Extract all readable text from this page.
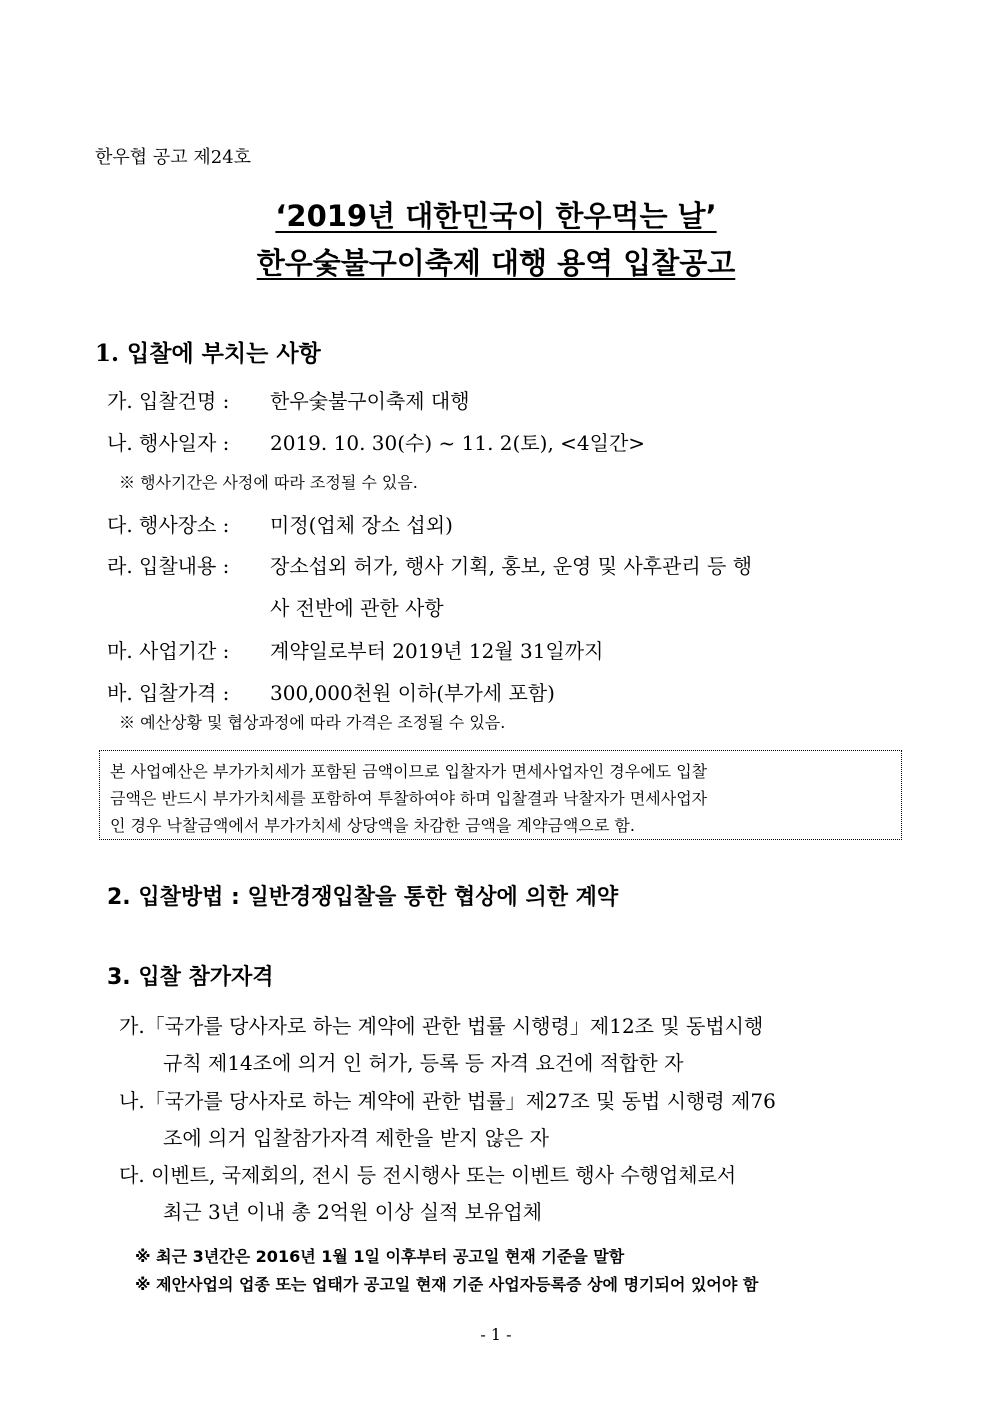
한우협 공고 제24호
‘2019년 대한민국이 한우먹는 날’
한우숯불구이축제 대행 용역 입찰공고
1. 입찰에 부치는 사항
가. 입찰건명 : 한우숯불구이축제 대행
나. 행사일자 : 2019. 10. 30(수) ~ 11. 2(토), <4일간>
※ 행사기간은 사정에 따라 조정될 수 있음.
다. 행사장소 : 미정(업체 장소 섭외)
라. 입찰내용 : 장소섭외 허가, 행사 기획, 홍보, 운영 및 사후관리 등 행
사 전반에 관한 사항
마. 사업기간 : 계약일로부터 2019년 12월 31일까지
바. 입찰가격 : 300,000천원 이하(부가세 포함)
※ 예산상황 및 협상과정에 따라 가격은 조정될 수 있음.
본 사업예산은 부가가치세가 포함된 금액이므로 입찰자가 면세사업자인 경우에도 입찰
금액은 반드시 부가가치세를 포함하여 투찰하여야 하며 입찰결과 낙찰자가 면세사업자
인 경우 낙찰금액에서 부가가치세 상당액을 차감한 금액을 계약금액으로 함.
2. 입찰방법 : 일반경쟁입찰을 통한 협상에 의한 계약
3. 입찰 참가자격
가.「국가를 당사자로 하는 계약에 관한 법률 시행령」제12조 및 동법시행
규칙 제14조에 의거 인 허가, 등록 등 자격 요건에 적합한 자
나.「국가를 당사자로 하는 계약에 관한 법률」제27조 및 동법 시행령 제76
조에 의거 입찰참가자격 제한을 받지 않은 자
다. 이벤트, 국제회의, 전시 등 전시행사 또는 이벤트 행사 수행업체로서
최근 3년 이내 총 2억원 이상 실적 보유업체
※ 최근 3년간은 2016년 1월 1일 이후부터 공고일 현재 기준을 말함
※ 제안사업의 업종 또는 업태가 공고일 현재 기준 사업자등록증 상에 명기되어 있어야 함
- 1 -
